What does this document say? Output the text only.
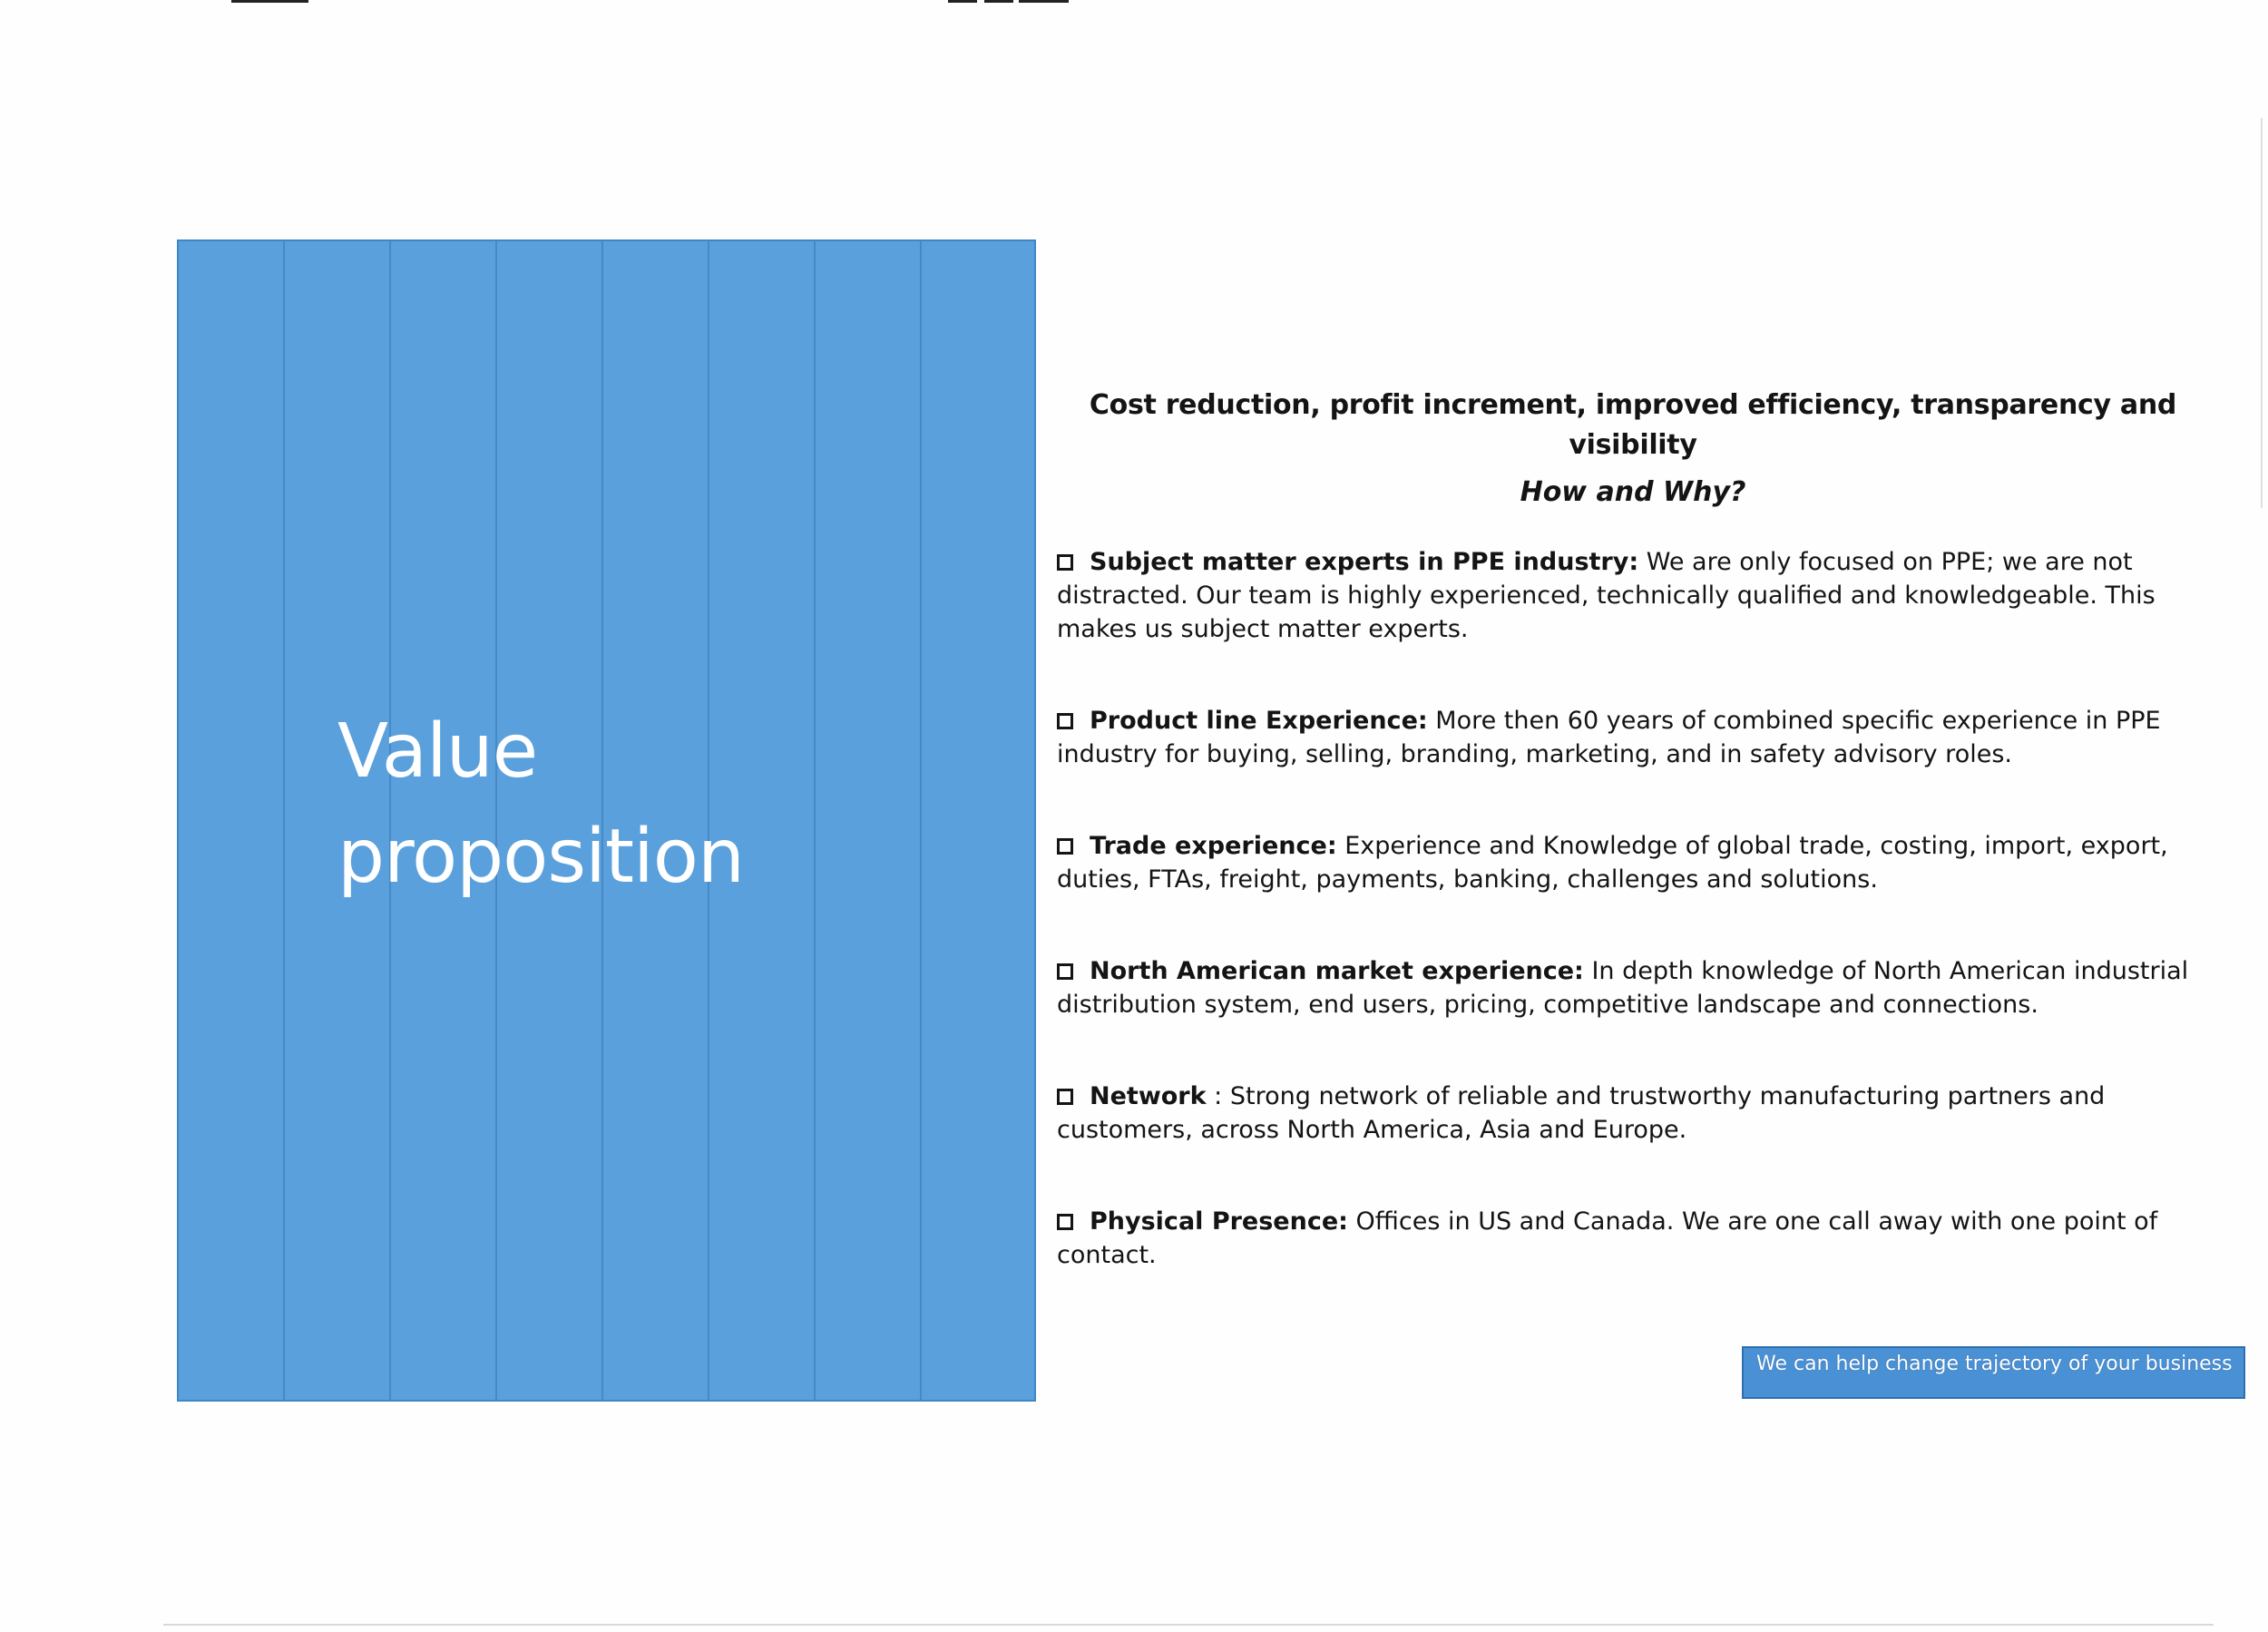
Value
proposition

Cost reduction, profit increment, improved efficiency, transparency and visibility

How and Why?

Subject matter experts in PPE industry: We are only focused on PPE; we are not distracted. Our team is highly experienced, technically qualified and knowledgeable. This makes us subject matter experts.
Product line Experience: More then 60 years of combined specific experience in PPE industry for buying, selling, branding, marketing, and in safety advisory roles.
Trade experience: Experience and Knowledge of global trade, costing, import, export, duties, FTAs, freight, payments, banking, challenges and solutions.
North American market experience: In depth knowledge of North American industrial distribution system, end users, pricing, competitive landscape and connections.
Network : Strong network of reliable and trustworthy manufacturing partners and customers, across North America, Asia and Europe.
Physical Presence: Offices in US and Canada. We are one call away with one point of contact.
We can help change trajectory of your business
